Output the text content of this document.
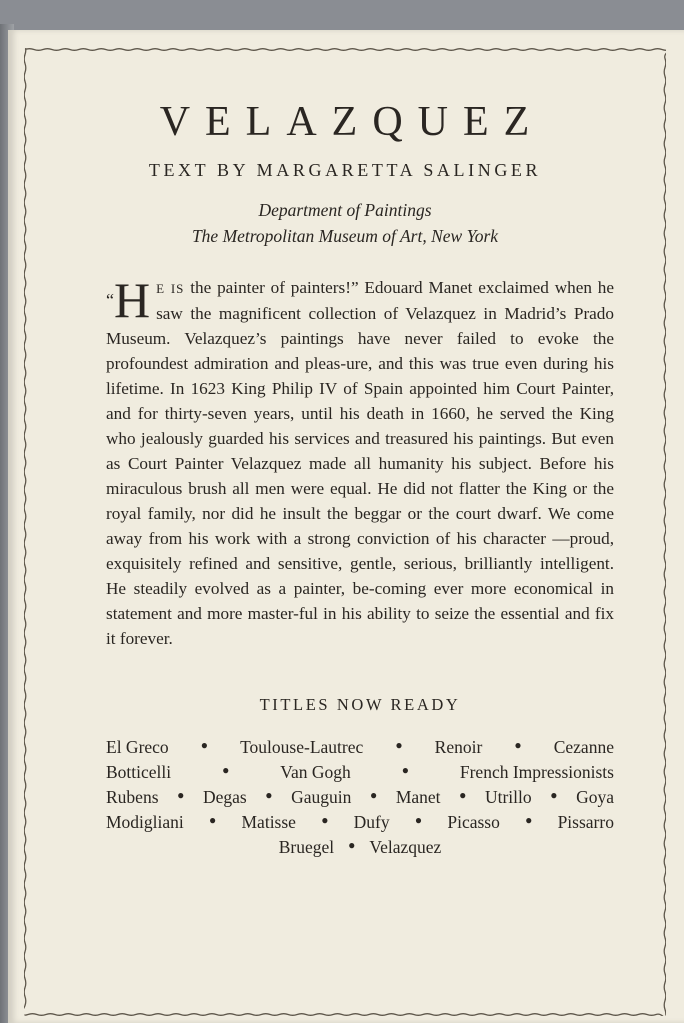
VELAZQUEZ
TEXT BY MARGARETTA SALINGER
Department of Paintings
The Metropolitan Museum of Art, New York
“H E IS the painter of painters!” Edouard Manet exclaimed when he saw the magnificent collection of Velazquez in Madrid’s Prado Museum. Velazquez’s paintings have never failed to evoke the profoundest admiration and pleas-ure, and this was true even during his lifetime. In 1623 King Philip IV of Spain appointed him Court Painter, and for thirty-seven years, until his death in 1660, he served the King who jealously guarded his services and treasured his paintings. But even as Court Painter Velazquez made all humanity his subject. Before his miraculous brush all men were equal. He did not flatter the King or the royal family, nor did he insult the beggar or the court dwarf. We come away from his work with a strong conviction of his character —proud, exquisitely refined and sensitive, gentle, serious, brilliantly intelligent. He steadily evolved as a painter, be-coming ever more economical in statement and more master-ful in his ability to seize the essential and fix it forever.
TITLES NOW READY
El Greco	● Toulouse-Lautrec	● Renoir	● Cezanne
Botticelli	●	Van Gogh	●	French Impressionists
Rubens ● Degas ● Gauguin ● Manet ● Utrillo ● Goya
Modigliani ● Matisse ● Dufy ● Picasso ● Pissarro
Bruegel ● Velazquez
